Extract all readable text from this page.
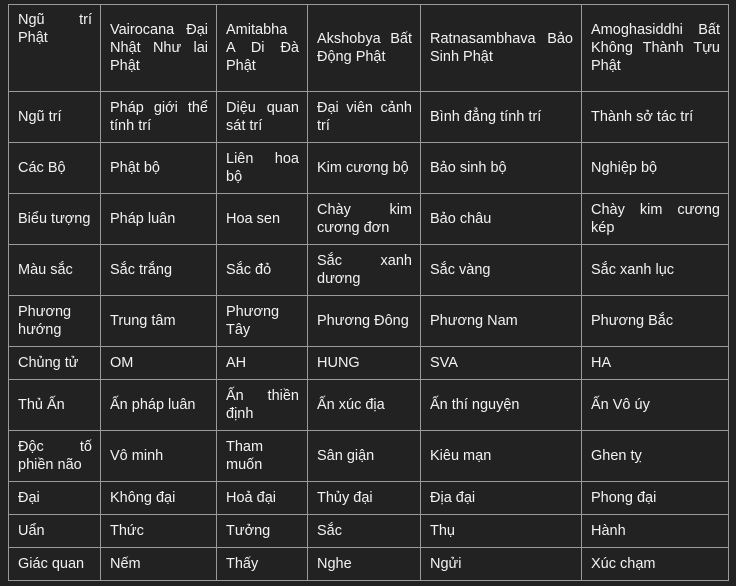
Ngũ trí Phật	Vairocana Đại Nhật Như lai Phật	Amitabha A Di Đà Phật	Akshobya Bất Động Phật	Ratnasambhava Bảo Sinh Phật	Amoghasiddhi Bất Không Thành Tựu Phật
Ngũ trí	Pháp giới thể tính trí	Diệu quan sát trí	Đại viên cảnh trí	Bình đẳng tính trí	Thành sở tác trí
Các Bộ	Phật bộ	Liên hoa bộ	Kim cương bộ	Bảo sinh bộ	Nghiệp bộ
Biểu tượng	Pháp luân	Hoa sen	Chày kim cương đơn	Bảo châu	Chày kim cương kép
Màu sắc	Sắc trắng	Sắc đỏ	Sắc xanh dương	Sắc vàng	Sắc xanh lục
Phương hướng	Trung tâm	Phương Tây	Phương Đông	Phương Nam	Phương Bắc
Chủng tử	OM	AH	HUNG	SVA	HA
Thủ Ấn	Ấn pháp luân	Ấn thiền định	Ấn xúc địa	Ấn thí nguyện	Ấn Vô úy
Độc tố phiền não	Vô minh	Tham muốn	Sân giận	Kiêu mạn	Ghen tỵ
Đại	Không đại	Hoả đại	Thủy đại	Địa đại	Phong đại
Uẩn	Thức	Tưởng	Sắc	Thụ	Hành
Giác quan	Nếm	Thấy	Nghe	Ngửi	Xúc chạm
